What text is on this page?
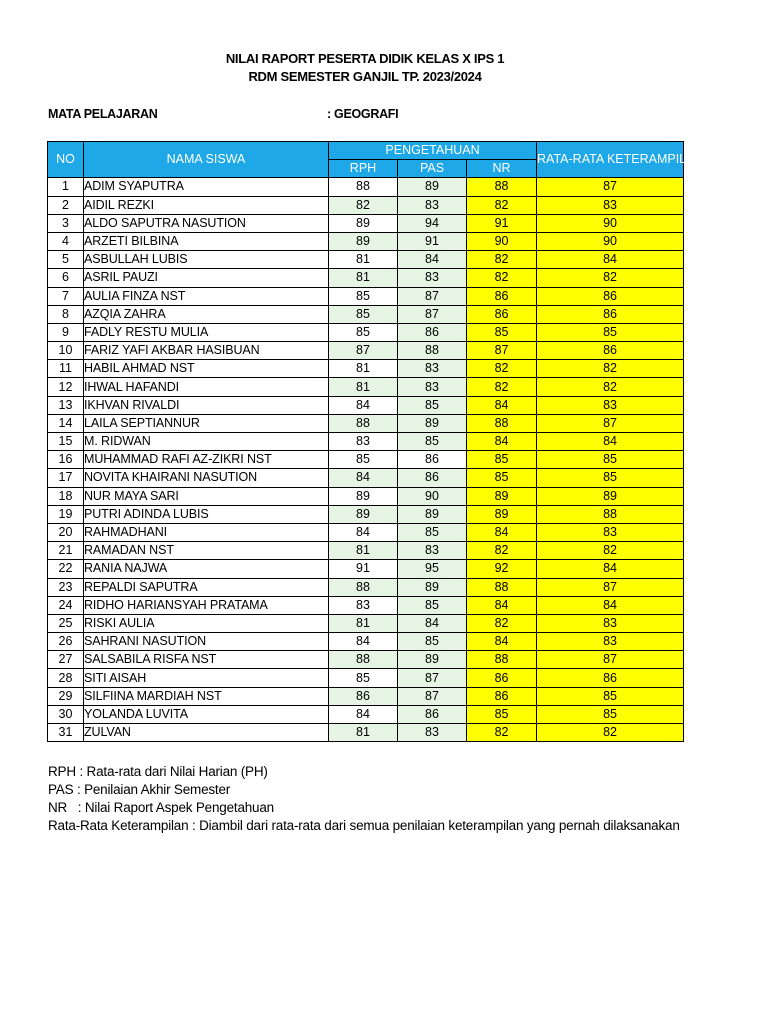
NILAI RAPORT PESERTA DIDIK KELAS X IPS 1
RDM SEMESTER GANJIL TP. 2023/2024
MATA PELAJARAN	: GEOGRAFI
NO	NAMA SISWA	PENGETAHUAN			RATA-RATA KETERAMPILAN
		RPH	PAS	NR	
1	ADIM SYAPUTRA	88	89	88	87
2	AIDIL REZKI	82	83	82	83
3	ALDO SAPUTRA NASUTION	89	94	91	90
4	ARZETI BILBINA	89	91	90	90
5	ASBULLAH LUBIS	81	84	82	84
6	ASRIL PAUZI	81	83	82	82
7	AULIA FINZA NST	85	87	86	86
8	AZQIA ZAHRA	85	87	86	86
9	FADLY RESTU MULIA	85	86	85	85
10	FARIZ YAFI AKBAR HASIBUAN	87	88	87	86
11	HABIL AHMAD NST	81	83	82	82
12	IHWAL HAFANDI	81	83	82	82
13	IKHVAN RIVALDI	84	85	84	83
14	LAILA SEPTIANNUR	88	89	88	87
15	M. RIDWAN	83	85	84	84
16	MUHAMMAD RAFI AZ-ZIKRI NST	85	86	85	85
17	NOVITA KHAIRANI NASUTION	84	86	85	85
18	NUR MAYA SARI	89	90	89	89
19	PUTRI ADINDA LUBIS	89	89	89	88
20	RAHMADHANI	84	85	84	83
21	RAMADAN NST	81	83	82	82
22	RANIA NAJWA	91	95	92	84
23	REPALDI SAPUTRA	88	89	88	87
24	RIDHO HARIANSYAH PRATAMA	83	85	84	84
25	RISKI AULIA	81	84	82	83
26	SAHRANI NASUTION	84	85	84	83
27	SALSABILA RISFA NST	88	89	88	87
28	SITI AISAH	85	87	86	86
29	SILFIINA MARDIAH NST	86	87	86	85
30	YOLANDA LUVITA	84	86	85	85
31	ZULVAN	81	83	82	82
RPH : Rata-rata dari Nilai Harian (PH)
PAS : Penilaian Akhir Semester
NR   : Nilai Raport Aspek Pengetahuan
Rata-Rata Keterampilan : Diambil dari rata-rata dari semua penilaian keterampilan yang pernah dilaksanakan
